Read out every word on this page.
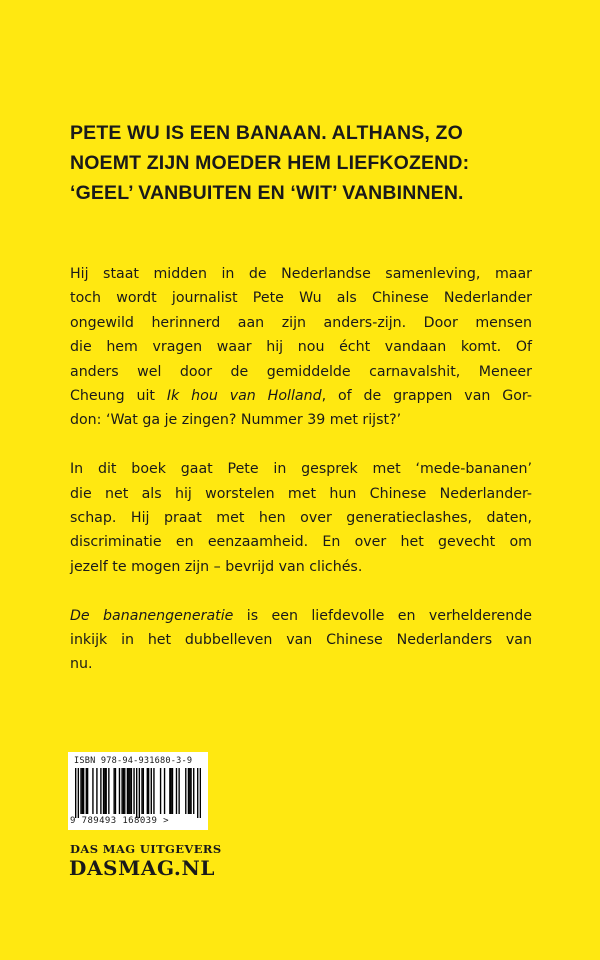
PETE WU IS EEN BANAAN. ALTHANS, ZO
NOEMT ZIJN MOEDER HEM LIEFKOZEND:
‘GEEL’ VANBUITEN EN ‘WIT’ VANBINNEN.

Hij staat midden in de Nederlandse samenleving, maar
toch wordt journalist Pete Wu als Chinese Nederlander
ongewild herinnerd aan zijn anders-zijn. Door mensen
die hem vragen waar hij nou écht vandaan komt. Of
anders wel door de gemiddelde carnavalshit, Meneer
Cheung uit Ik hou van Holland, of de grappen van Gor-
don: ‘Wat ga je zingen? Nummer 39 met rijst?’

In dit boek gaat Pete in gesprek met ‘mede-bananen’
die net als hij worstelen met hun Chinese Nederlander-
schap. Hij praat met hen over generatieclashes, daten,
discriminatie en eenzaamheid. En over het gevecht om
jezelf te mogen zijn – bevrijd van clichés.

De bananengeneratie is een liefdevolle en verhelderende
inkijk in het dubbelleven van Chinese Nederlanders van
nu.

ISBN 978-94-931680-3-9
9 789493 168039 >
DAS MAG UITGEVERS
DASMAG.NL
